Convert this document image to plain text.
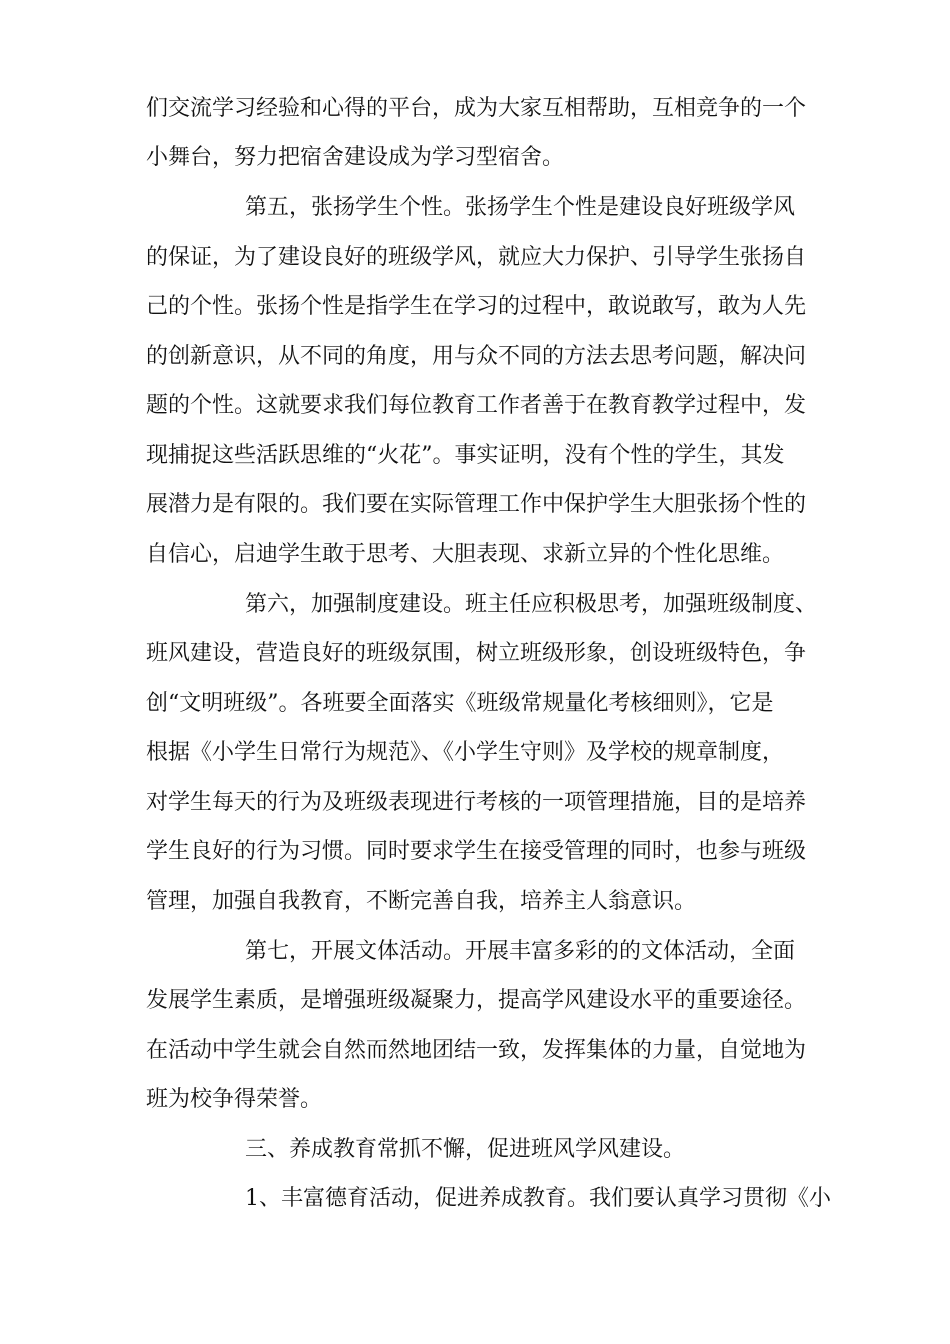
们交流学习经验和心得的平台，成为大家互相帮助，互相竞争的一个
小舞台，努力把宿舍建设成为学习型宿舍。
第五，张扬学生个性。张扬学生个性是建设良好班级学风
的保证，为了建设良好的班级学风，就应大力保护、引导学生张扬自
己的个性。张扬个性是指学生在学习的过程中，敢说敢写，敢为人先
的创新意识，从不同的角度，用与众不同的方法去思考问题，解决问
题的个性。这就要求我们每位教育工作者善于在教育教学过程中，发
现捕捉这些活跃思维的“火花”。事实证明，没有个性的学生，其发
展潜力是有限的。我们要在实际管理工作中保护学生大胆张扬个性的
自信心，启迪学生敢于思考、大胆表现、求新立异的个性化思维。
第六，加强制度建设。班主任应积极思考，加强班级制度、
班风建设，营造良好的班级氛围，树立班级形象，创设班级特色，争
创“文明班级”。各班要全面落实《班级常规量化考核细则》，它是
根据《小学生日常行为规范》、《小学生守则》及学校的规章制度，
对学生每天的行为及班级表现进行考核的一项管理措施，目的是培养
学生良好的行为习惯。同时要求学生在接受管理的同时，也参与班级
管理，加强自我教育，不断完善自我，培养主人翁意识。
第七，开展文体活动。开展丰富多彩的的文体活动，全面
发展学生素质，是增强班级凝聚力，提高学风建设水平的重要途径。
在活动中学生就会自然而然地团结一致，发挥集体的力量，自觉地为
班为校争得荣誉。
三、养成教育常抓不懈，促进班风学风建设。
1、丰富德育活动，促进养成教育。我们要认真学习贯彻《小
